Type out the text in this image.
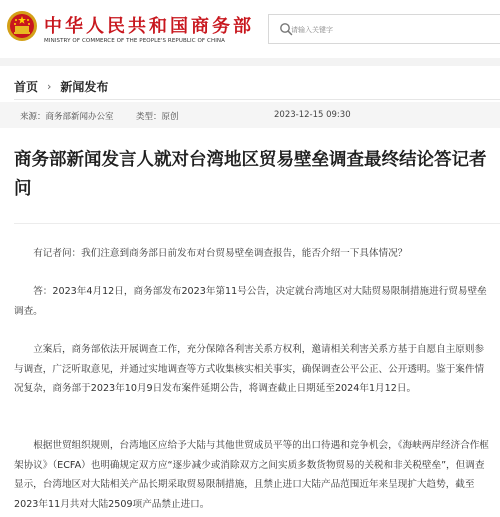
中华人民共和国商务部
MINISTRY OF COMMERCE OF THE PEOPLE'S REPUBLIC OF CHINA
请输入关键字
首页 › 新闻发布
来源：商务部新闻办公室	类型：原创	2023-12-15 09:30
商务部新闻发言人就对台湾地区贸易壁垒调查最终结论答记者问

有记者问：我们注意到商务部日前发布对台贸易壁垒调查报告，能否介绍一下具体情况？

答：2023年4月12日，商务部发布2023年第11号公告，决定就台湾地区对大陆贸易限制措施进行贸易壁垒调查。

立案后，商务部依法开展调查工作，充分保障各利害关系方权利，邀请相关利害关系方基于自愿自主原则参与调查，广泛听取意见，并通过实地调查等方式收集核实相关事实，确保调查公平公正、公开透明。鉴于案件情况复杂，商务部于2023年10月9日发布案件延期公告，将调查截止日期延至2024年1月12日。

根据世贸组织规则，台湾地区应给予大陆与其他世贸成员平等的出口待遇和竞争机会，《海峡两岸经济合作框架协议》（ECFA）也明确规定双方应“逐步减少或消除双方之间实质多数货物贸易的关税和非关税壁垒”，但调查显示，台湾地区对大陆相关产品长期采取贸易限制措施，且禁止进口大陆产品范围近年来呈现扩大趋势，截至2023年11月共对大陆2509项产品禁止进口。
